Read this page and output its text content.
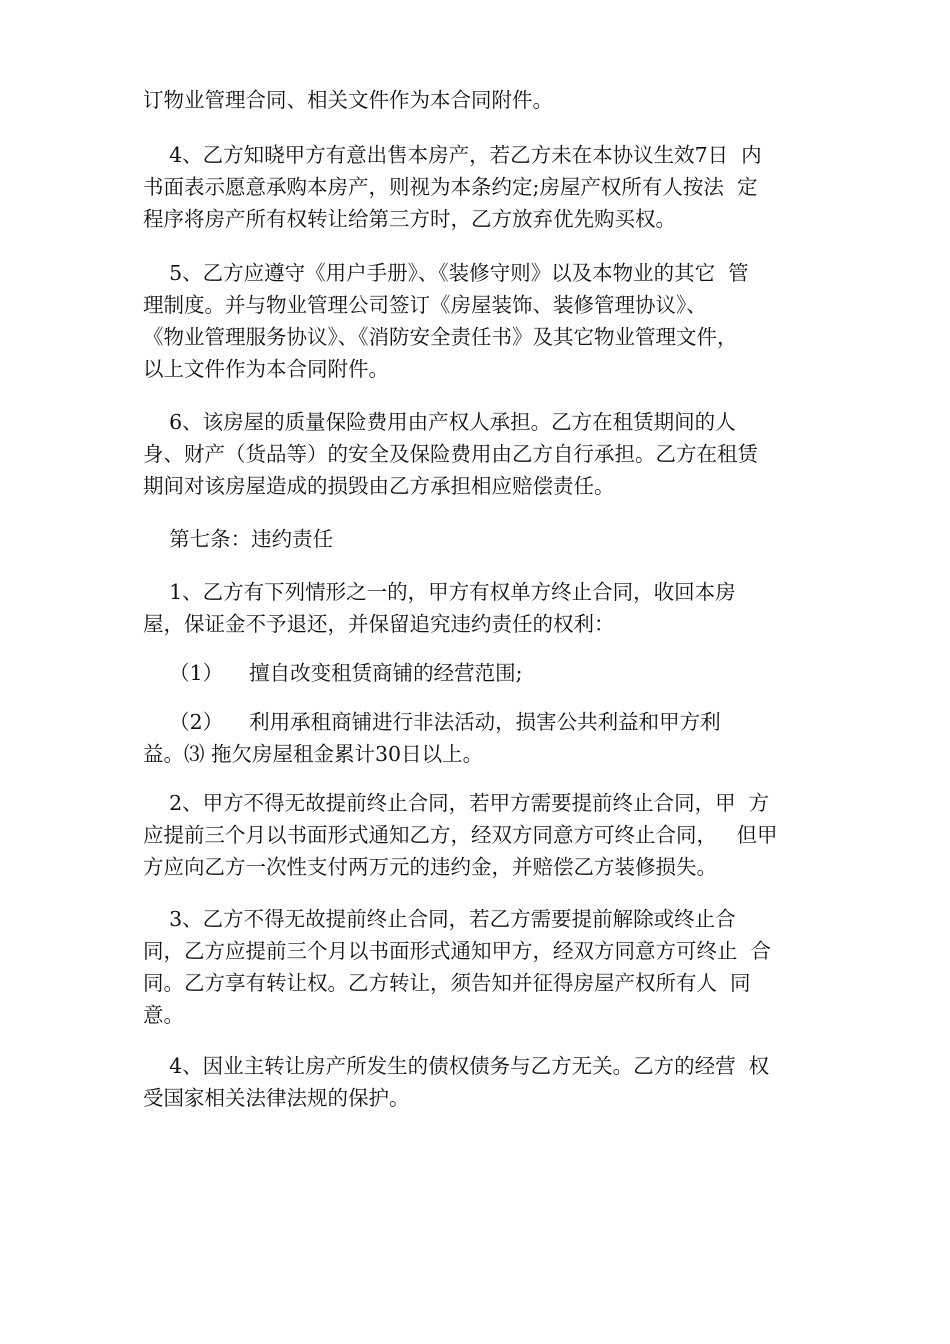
订物业管理合同、相关文件作为本合同附件。
4、乙方知晓甲方有意出售本房产，若乙方未在本协议生效7日  内
书面表示愿意承购本房产，则视为本条约定;房屋产权所有人按法  定
程序将房产所有权转让给第三方时，乙方放弃优先购买权。
5、乙方应遵守《用户手册》、《装修守则》以及本物业的其它  管
理制度。并与物业管理公司签订《房屋装饰、装修管理协议》、
《物业管理服务协议》、《消防安全责任书》及其它物业管理文件，
以上文件作为本合同附件。
6、该房屋的质量保险费用由产权人承担。乙方在租赁期间的人
身、财产（货品等）的安全及保险费用由乙方自行承担。乙方在租赁
期间对该房屋造成的损毁由乙方承担相应赔偿责任。
第七条：违约责任
1、乙方有下列情形之一的，甲方有权单方终止合同，收回本房
屋，保证金不予退还，并保留追究违约责任的权利：
（1）    擅自改变租赁商铺的经营范围;
（2）    利用承租商铺进行非法活动，损害公共利益和甲方利
益。⑶ 拖欠房屋租金累计30日以上。
2、甲方不得无故提前终止合同，若甲方需要提前终止合同，甲  方
应提前三个月以书面形式通知乙方，经双方同意方可终止合同，   但甲
方应向乙方一次性支付两万元的违约金，并赔偿乙方装修损失。
3、乙方不得无故提前终止合同，若乙方需要提前解除或终止合
同，乙方应提前三个月以书面形式通知甲方，经双方同意方可终止  合
同。乙方享有转让权。乙方转让，须告知并征得房屋产权所有人  同
意。
4、因业主转让房产所发生的债权债务与乙方无关。乙方的经营  权
受国家相关法律法规的保护。
